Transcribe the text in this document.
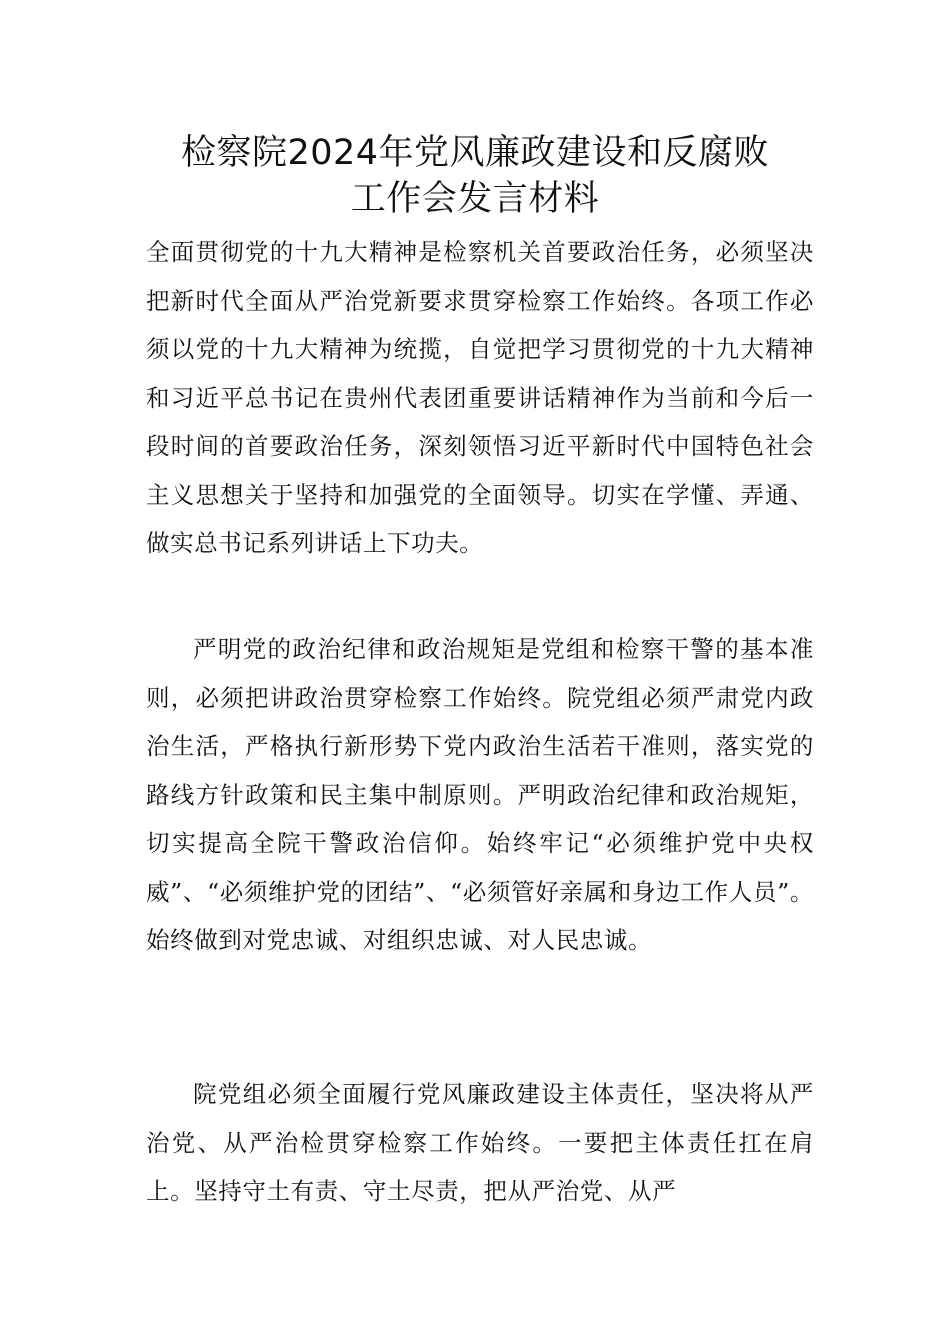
检察院2024年党风廉政建设和反腐败
工作会发言材料

全面贯彻党的十九大精神是检察机关首要政治任务，必须坚决把新时代全面从严治党新要求贯穿检察工作始终。各项工作必须以党的十九大精神为统揽，自觉把学习贯彻党的十九大精神和习近平总书记在贵州代表团重要讲话精神作为当前和今后一段时间的首要政治任务，深刻领悟习近平新时代中国特色社会主义思想关于坚持和加强党的全面领导。切实在学懂、弄通、做实总书记系列讲话上下功夫。

严明党的政治纪律和政治规矩是党组和检察干警的基本准则，必须把讲政治贯穿检察工作始终。院党组必须严肃党内政治生活，严格执行新形势下党内政治生活若干准则，落实党的路线方针政策和民主集中制原则。严明政治纪律和政治规矩，切实提高全院干警政治信仰。始终牢记“必须维护党中央权威”、“必须维护党的团结”、“必须管好亲属和身边工作人员”。始终做到对党忠诚、对组织忠诚、对人民忠诚。

院党组必须全面履行党风廉政建设主体责任，坚决将从严治党、从严治检贯穿检察工作始终。一要把主体责任扛在肩上。坚持守土有责、守土尽责，把从严治党、从严
